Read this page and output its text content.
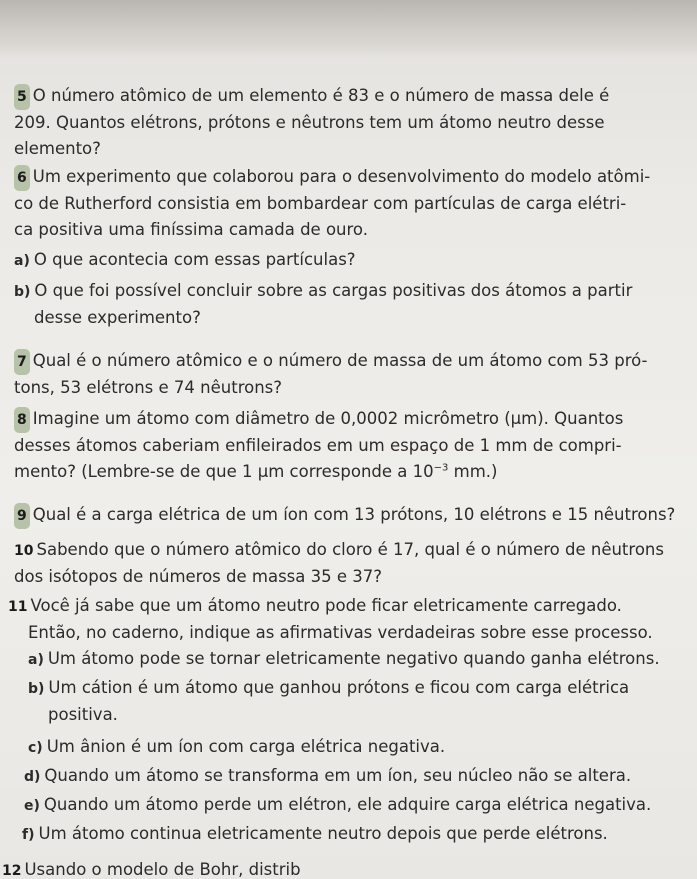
5 O número atômico de um elemento é 83 e o número de massa dele é
209. Quantos elétrons, prótons e nêutrons tem um átomo neutro desse
elemento?
6 Um experimento que colaborou para o desenvolvimento do modelo atômi-
co de Rutherford consistia em bombardear com partículas de carga elétri-
ca positiva uma finíssima camada de ouro.
a) O que acontecia com essas partículas?
b) O que foi possível concluir sobre as cargas positivas dos átomos a partir
desse experimento?
7 Qual é o número atômico e o número de massa de um átomo com 53 pró-
tons, 53 elétrons e 74 nêutrons?
8 Imagine um átomo com diâmetro de 0,0002 micrômetro (μm). Quantos
desses átomos caberiam enfileirados em um espaço de 1 mm de compri-
mento? (Lembre-se de que 1 μm corresponde a $10^{-3}$ mm.)
9 Qual é a carga elétrica de um íon com 13 prótons, 10 elétrons e 15 nêutrons?
10 Sabendo que o número atômico do cloro é 17, qual é o número de nêutrons
dos isótopos de números de massa 35 e 37?
11 Você já sabe que um átomo neutro pode ficar eletricamente carregado.
Então, no caderno, indique as afirmativas verdadeiras sobre esse processo.
a) Um átomo pode se tornar eletricamente negativo quando ganha elétrons.
b) Um cátion é um átomo que ganhou prótons e ficou com carga elétrica
positiva.
c) Um ânion é um íon com carga elétrica negativa.
d) Quando um átomo se transforma em um íon, seu núcleo não se altera.
e) Quando um átomo perde um elétron, ele adquire carga elétrica negativa.
f) Um átomo continua eletricamente neutro depois que perde elétrons.
12 Usando o modelo de Bohr, distrib
